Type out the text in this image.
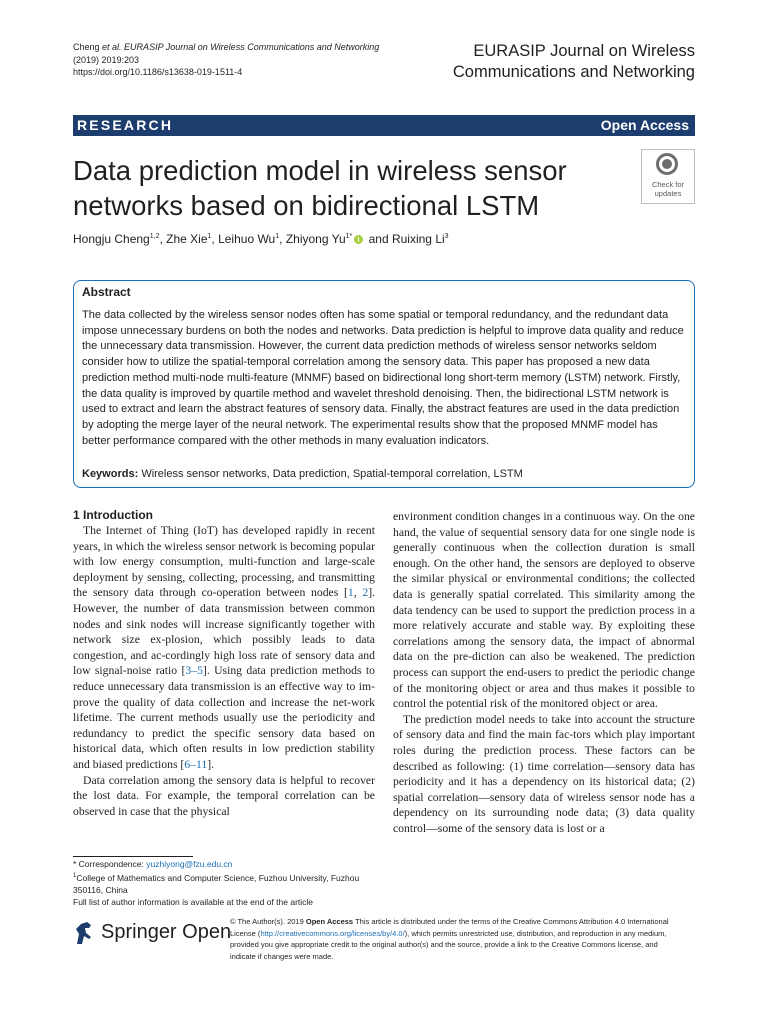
Cheng et al. EURASIP Journal on Wireless Communications and Networking
(2019) 2019:203
https://doi.org/10.1186/s13638-019-1511-4
EURASIP Journal on Wireless
Communications and Networking
RESEARCH	Open Access
Data prediction model in wireless sensor networks based on bidirectional LSTM
Check for
updates
Hongju Cheng$^{1,2}$, Zhe Xie$^1$, Leihuo Wu$^1$, Zhiyong $Yu^{1*}$ and Ruixing Li$^3$
Abstract

The data collected by the wireless sensor nodes often has some spatial or temporal redundancy, and the redundant data impose unnecessary burdens on both the nodes and networks. Data prediction is helpful to improve data quality and reduce the unnecessary data transmission. However, the current data prediction methods of wireless sensor networks seldom consider how to utilize the spatial-temporal correlation among the sensory data. This paper has proposed a new data prediction method multi-node multi-feature (MNMF) based on bidirectional long short-term memory (LSTM) network. Firstly, the data quality is improved by quartile method and wavelet threshold denoising. Then, the bidirectional LSTM network is used to extract and learn the abstract features of sensory data. Finally, the abstract features are used in the data prediction by adopting the merge layer of the neural network. The experimental results show that the proposed MNMF model has better performance compared with the other methods in many evaluation indicators.

Keywords: Wireless sensor networks, Data prediction, Spatial-temporal correlation, LSTM

1 Introduction

The Internet of Thing (IoT) has developed rapidly in recent years, in which the wireless sensor network is becoming popular with low energy consumption, multi-function and large-scale deployment by sensing, collecting, processing, and transmitting the sensory data through co-operation between nodes [1, 2]. However, the number of data transmission between common nodes and sink nodes will increase significantly together with network size ex-plosion, which possibly leads to data congestion, and ac-cordingly high loss rate of sensory data and low signal-noise ratio [3–5]. Using data prediction methods to reduce unnecessary data transmission is an effective way to im-prove the quality of data collection and increase the net-work lifetime. The current methods usually use the periodicity and redundancy to predict the specific sensory data based on historical data, which often results in low prediction stability and biased predictions [6–11].

Data correlation among the sensory data is helpful to recover the lost data. For example, the temporal correlation can be observed in case that the physical

environment condition changes in a continuous way. On the one hand, the value of sequential sensory data for one single node is generally continuous when the collection duration is small enough. On the other hand, the sensors are deployed to observe the similar physical or environmental conditions; the collected data is generally spatial correlated. This similarity among the data tendency can be used to support the prediction process in a more relatively accurate and stable way. By exploiting these correlations among the sensory data, the impact of abnormal data on the pre-diction can also be weakened. The prediction process can support the end-users to predict the periodic change of the monitoring object or area and thus makes it possible to control the potential risk of the monitored object or area.

The prediction model needs to take into account the structure of sensory data and find the main fac-tors which play important roles during the prediction process. These factors can be described as following: (1) time correlation—sensory data has periodicity and it has a dependency on its historical data; (2) spatial correlation—sensory data of wireless sensor node has a dependency on its surrounding node data; (3) data quality control—some of the sensory data is lost or a

* Correspondence: yuzhiyong@fzu.edu.cn
$^1$College of Mathematics and Computer Science, Fuzhou University, Fuzhou 350116, China
Full list of author information is available at the end of the article
Springer Open
© The Author(s). 2019 Open Access This article is distributed under the terms of the Creative Commons Attribution 4.0 International License (http://creativecommons.org/licenses/by/4.0/), which permits unrestricted use, distribution, and reproduction in any medium, provided you give appropriate credit to the original author(s) and the source, provide a link to the Creative Commons license, and indicate if changes were made.
